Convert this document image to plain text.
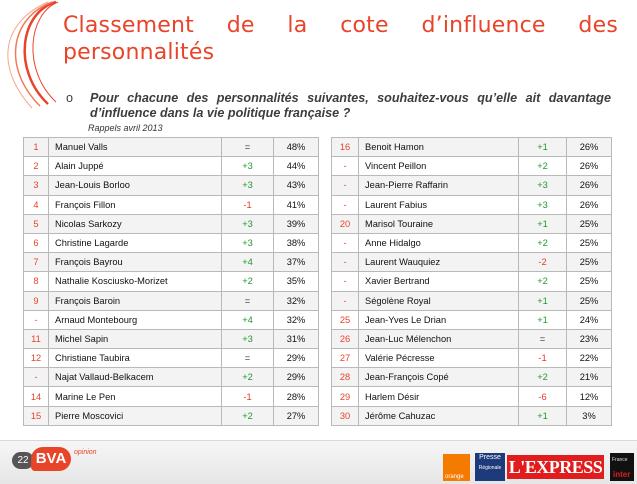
Classement de la cote d’influence des
personnalités
o Pour chacune des personnalités suivantes, souhaitez-vous qu’elle ait davantage d’influence dans la vie politique française ?
Rappels avril 2013
1	Manuel Valls	=	48%
2	Alain Juppé	+3	44%
3	Jean-Louis Borloo	+3	43%
4	François Fillon	-1	41%
5	Nicolas Sarkozy	+3	39%
6	Christine Lagarde	+3	38%
7	François Bayrou	+4	37%
8	Nathalie Kosciusko-Morizet	+2	35%
9	François Baroin	=	32%
-	Arnaud Montebourg	+4	32%
11	Michel Sapin	+3	31%
12	Christiane Taubira	=	29%
-	Najat Vallaud-Belkacem	+2	29%
14	Marine Le Pen	-1	28%
15	Pierre Moscovici	+2	27%
16	Benoit Hamon	+1	26%
-	Vincent Peillon	+2	26%
-	Jean-Pierre Raffarin	+3	26%
-	Laurent Fabius	+3	26%
20	Marisol Touraine	+1	25%
-	Anne Hidalgo	+2	25%
-	Laurent Wauquiez	-2	25%
-	Xavier Bertrand	+2	25%
-	Ségolène Royal	+1	25%
25	Jean-Yves Le Drian	+1	24%
26	Jean-Luc Mélenchon	=	23%
27	Valérie Pécresse	-1	22%
28	Jean-François Copé	+2	21%
29	Harlem Désir	-6	12%
30	Jérôme Cahuzac	+1	3%
22 BVA	opinion
orange
Presse
Régionale L'EXPRESS	France
inter
